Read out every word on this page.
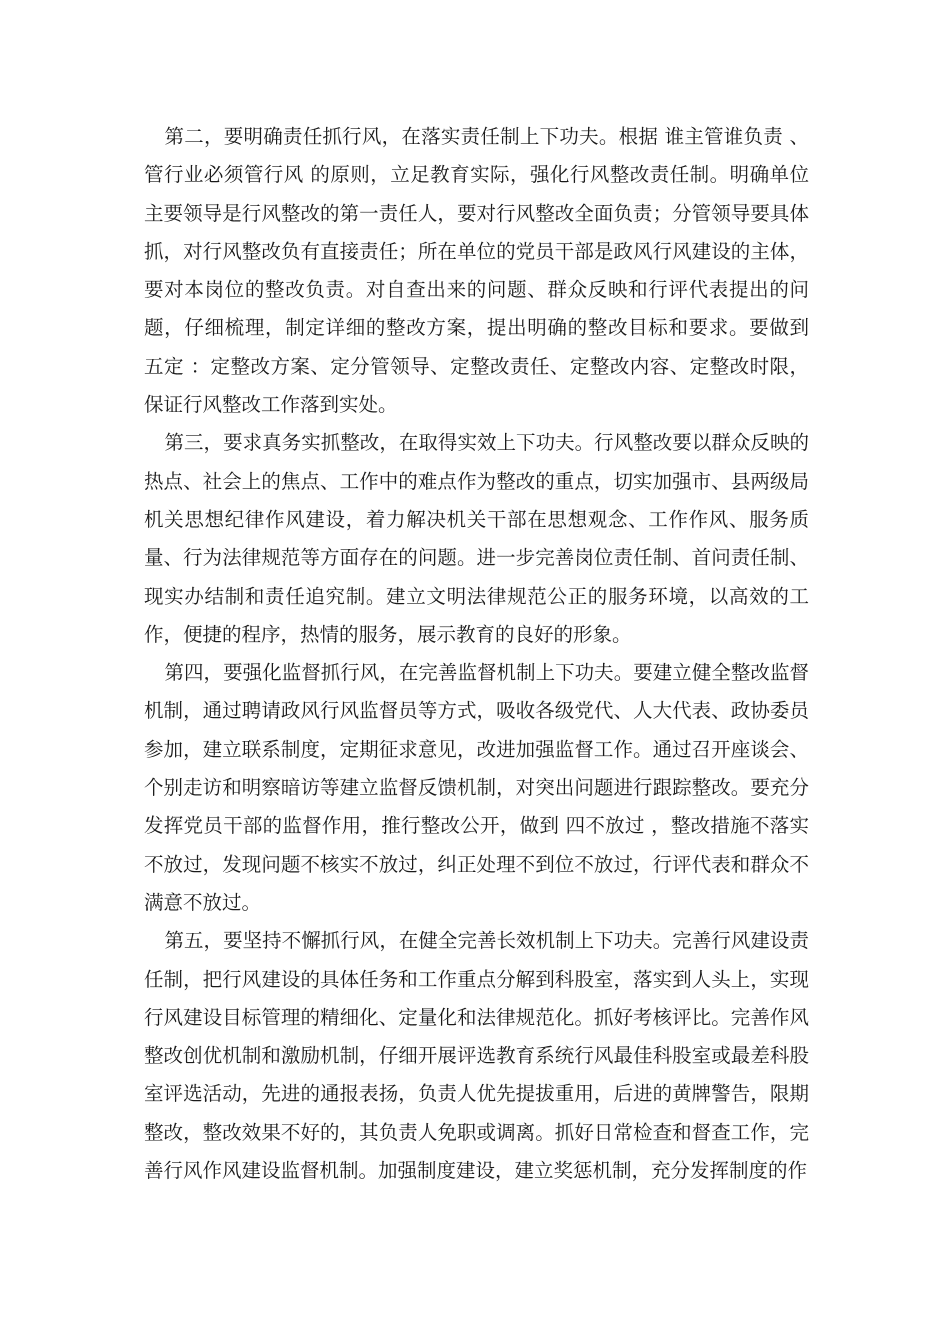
第二，要明确责任抓行风，在落实责任制上下功夫。根据 谁主管谁负责 、管行业必须管行风 的原则，立足教育实际，强化行风整改责任制。明确单位主要领导是行风整改的第一责任人，要对行风整改全面负责；分管领导要具体抓，对行风整改负有直接责任；所在单位的党员干部是政风行风建设的主体，要对本岗位的整改负责。对自查出来的问题、群众反映和行评代表提出的问题，仔细梳理，制定详细的整改方案，提出明确的整改目标和要求。要做到 五定 ：定整改方案、定分管领导、定整改责任、定整改内容、定整改时限，保证行风整改工作落到实处。

第三，要求真务实抓整改，在取得实效上下功夫。行风整改要以群众反映的热点、社会上的焦点、工作中的难点作为整改的重点，切实加强市、县两级局机关思想纪律作风建设，着力解决机关干部在思想观念、工作作风、服务质量、行为法律规范等方面存在的问题。进一步完善岗位责任制、首问责任制、现实办结制和责任追究制。建立文明法律规范公正的服务环境，以高效的工作，便捷的程序，热情的服务，展示教育的良好的形象。

第四，要强化监督抓行风，在完善监督机制上下功夫。要建立健全整改监督机制，通过聘请政风行风监督员等方式，吸收各级党代、人大代表、政协委员参加，建立联系制度，定期征求意见，改进加强监督工作。通过召开座谈会、个别走访和明察暗访等建立监督反馈机制，对突出问题进行跟踪整改。要充分发挥党员干部的监督作用，推行整改公开，做到 四不放过 ，整改措施不落实不放过，发现问题不核实不放过，纠正处理不到位不放过，行评代表和群众不满意不放过。

第五，要坚持不懈抓行风，在健全完善长效机制上下功夫。完善行风建设责任制，把行风建设的具体任务和工作重点分解到科股室，落实到人头上，实现行风建设目标管理的精细化、定量化和法律规范化。抓好考核评比。完善作风整改创优机制和激励机制，仔细开展评选教育系统行风最佳科股室或最差科股室评选活动，先进的通报表扬，负责人优先提拔重用，后进的黄牌警告，限期整改，整改效果不好的，其负责人免职或调离。抓好日常检查和督查工作，完善行风作风建设监督机制。加强制度建设，建立奖惩机制，充分发挥制度的作
